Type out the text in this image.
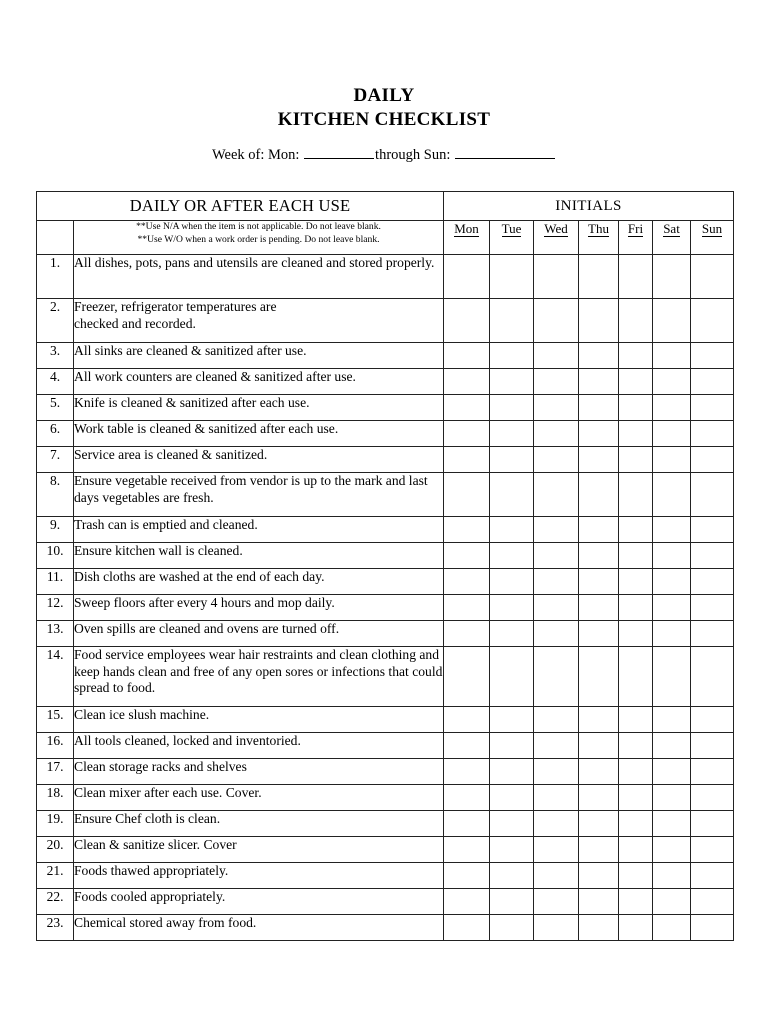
DAILY
KITCHEN CHECKLIST
Week of: Mon:	through Sun:
DAILY OR AFTER EACH USE		INITIALS						

	**Use N/A when the item is not applicable. Do not leave blank.
**Use W/O when a work order is pending. Do not leave blank.	Mon	Tue	Wed	Thu	Fri	Sat	Sun
1.	All dishes, pots, pans and utensils are cleaned and stored properly.							
2.	Freezer, refrigerator temperatures are
checked and recorded.							

3.	All sinks are cleaned & sanitized after use.							
4.	All work counters are cleaned & sanitized after use.							
5.	Knife is cleaned & sanitized after each use.							
6.	Work table is cleaned & sanitized after each use.							
7.	Service area is cleaned & sanitized.							
8.	Ensure vegetable received from vendor is up to the mark and last days vegetables are fresh.							
9.	Trash can is emptied and cleaned.							
10.	Ensure kitchen wall is cleaned.							
11.	Dish cloths are washed at the end of each day.							
12.	Sweep floors after every 4 hours and mop daily.							
13.	Oven spills are cleaned and ovens are turned off.							
14.	Food service employees wear hair restraints and clean clothing and keep hands clean and free of any open sores or infections that could spread to food.							
15.	Clean ice slush machine.							
16.	All tools cleaned, locked and inventoried.							
17.	Clean storage racks and shelves							
18.	Clean mixer after each use. Cover.							
19.	Ensure Chef cloth is clean.							
20.	Clean & sanitize slicer. Cover							
21.	Foods thawed appropriately.							
22.	Foods cooled appropriately.							
23.	Chemical stored away from food.							
